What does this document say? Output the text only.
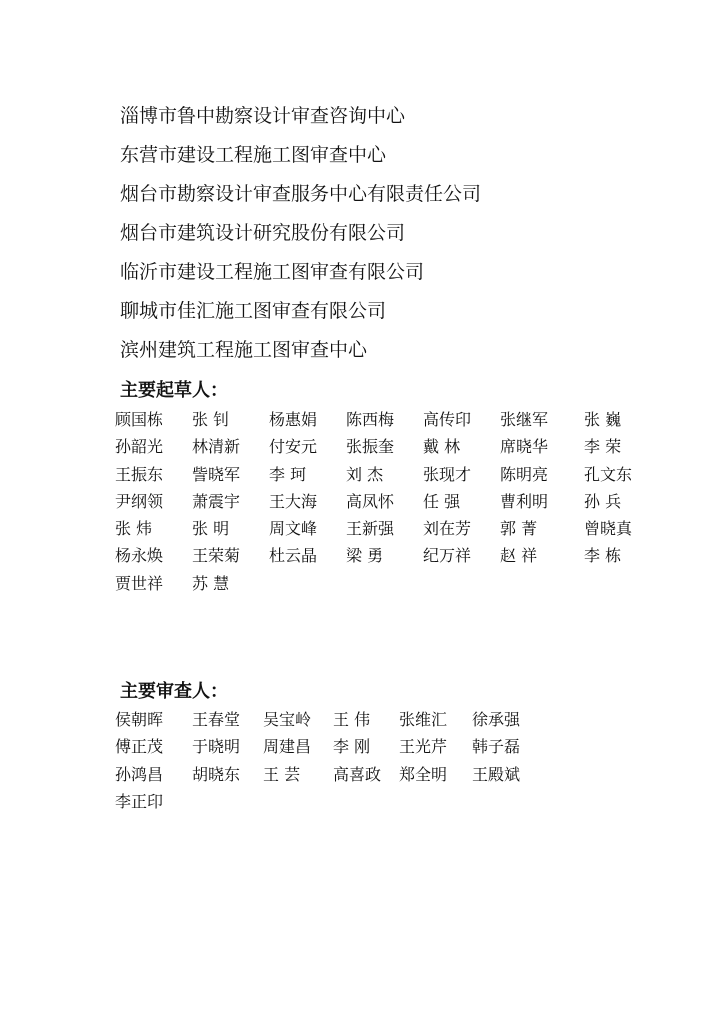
淄博市鲁中勘察设计审查咨询中心
东营市建设工程施工图审查中心
烟台市勘察设计审查服务中心有限责任公司
烟台市建筑设计研究股份有限公司
临沂市建设工程施工图审查有限公司
聊城市佳汇施工图审查有限公司
滨州建筑工程施工图审查中心
主要起草人：
顾国栋	张 钊	杨惠娟	陈西梅	高传印	张继军	张 巍
孙韶光	林清新	付安元	张振奎	戴 林	席晓华	李 荣
王振东	訾晓军	李 珂	刘 杰	张现才	陈明亮	孔文东
尹纲领	萧震宇	王大海	高凤怀	任 强	曹利明	孙 兵
张 炜	张 明	周文峰	王新强	刘在芳	郭 菁	曾晓真
杨永焕	王荣菊	杜云晶	梁 勇	纪万祥	赵 祥	李 栋
贾世祥	苏 慧
主要审查人：
侯朝晖	王春堂	吴宝岭	王 伟	张维汇	徐承强
傅正茂	于晓明	周建昌	李 刚	王光芹	韩子磊
孙鸿昌	胡晓东	王 芸	高喜政	郑全明	王殿斌
李正印
